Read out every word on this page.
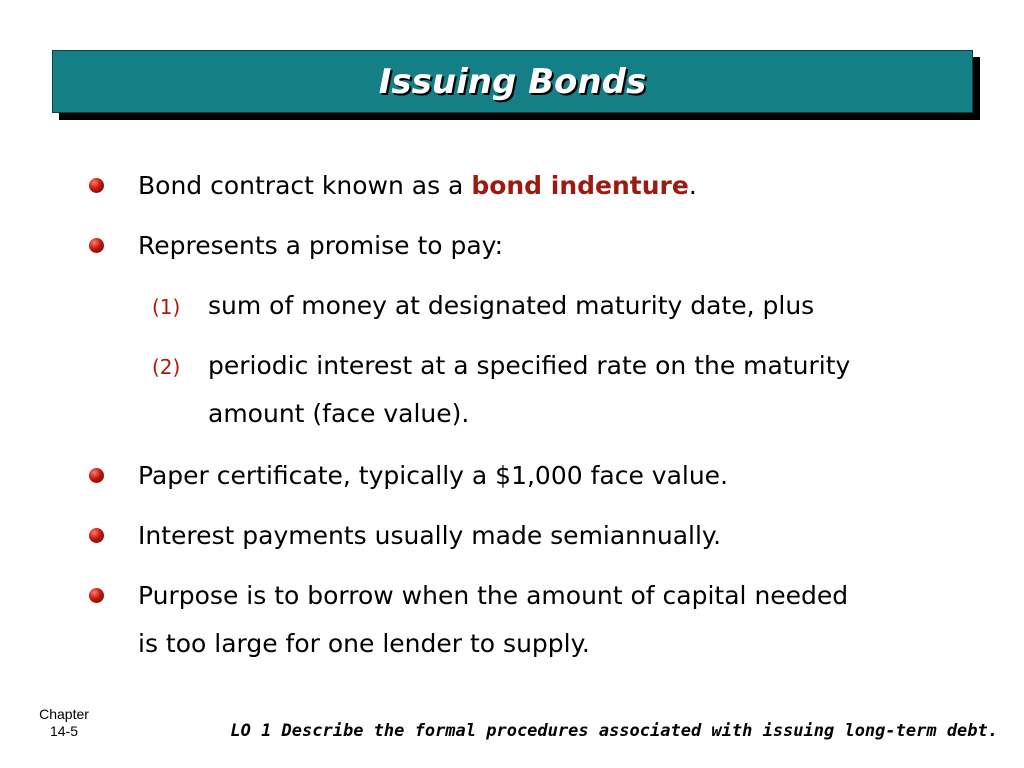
Issuing Bonds
Bond contract known as a bond indenture.
Represents a promise to pay:
(1) sum of money at designated maturity date, plus
(2) periodic interest at a specified rate on the maturity
amount (face value).
Paper certificate, typically a $1,000 face value.
Interest payments usually made semiannually.
Purpose is to borrow when the amount of capital needed
is too large for one lender to supply.
Chapter
14-5	LO 1 Describe the formal procedures associated with issuing long-term debt.
